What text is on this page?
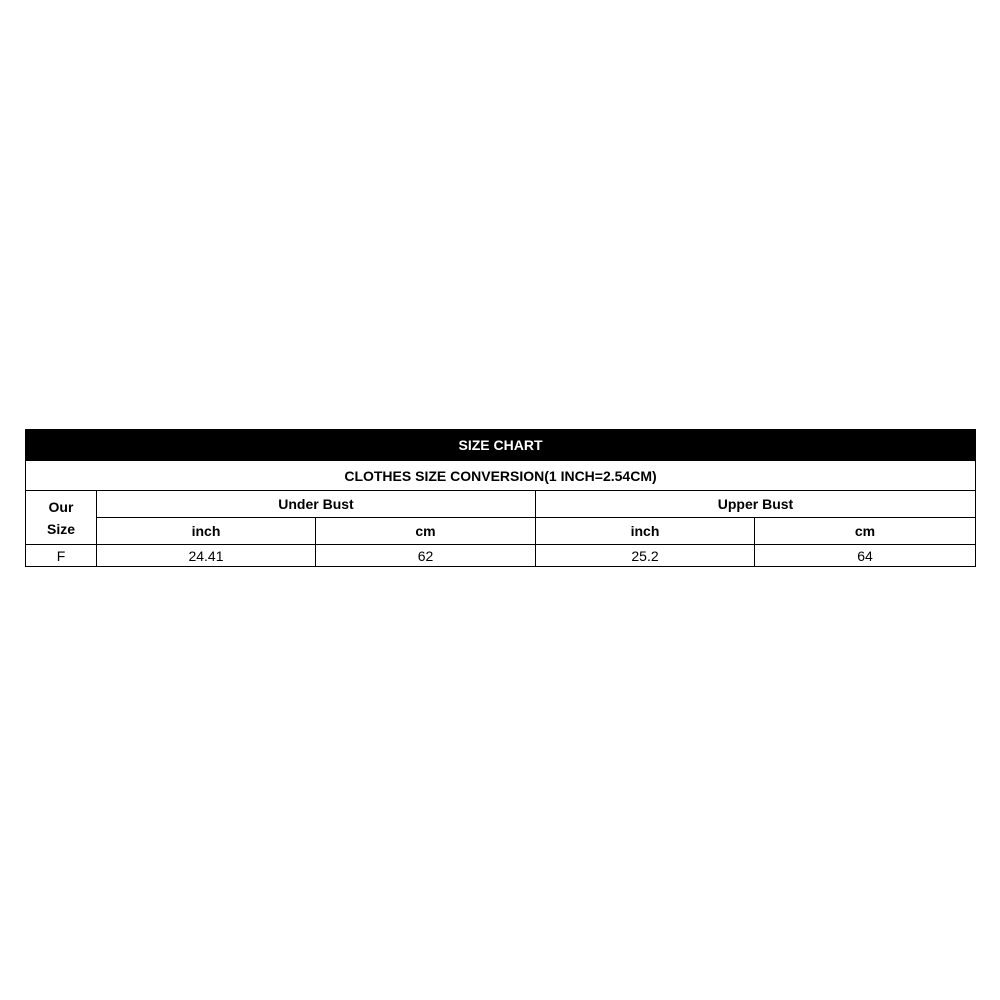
SIZE CHART				
CLOTHES SIZE CONVERSION(1 INCH=2.54CM)				
Our
Size	Under Bust		Upper Bust	
	inch	cm	inch	cm
F	24.41	62	25.2	64
